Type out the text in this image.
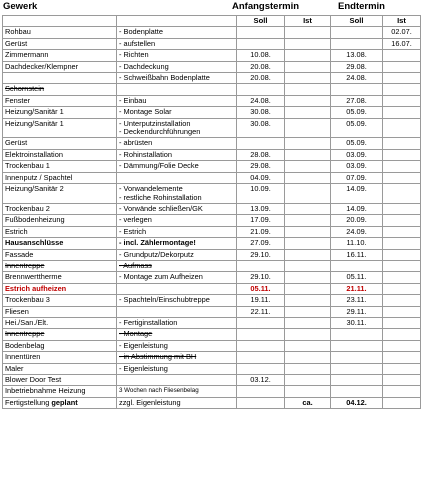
Gewerk	Anfangstermin	Endtermin
		Soll	Ist	Soll	Ist
Rohbau	- Bodenplatte				02.07.
Gerüst	- aufstellen				16.07.
Zimmermann	- Richten	10.08.		13.08.	
Dachdecker/Klempner	- Dachdeckung	20.08.		29.08.	
	- Schweißbahn Bodenplatte	20.08.		24.08.	
Schornstein					
Fenster	- Einbau	24.08.		27.08.	
Heizung/Sanitär 1	- Montage Solar	30.08.		05.09.	
Heizung/Sanitär 1	- Unterputzinstallation
- Deckendurchführungen	30.08.		05.09.	
Gerüst	- abrüsten			05.09.	
Elektroinstallation	- Rohinstallation	28.08.		03.09.	
Trockenbau 1	- Dämmung/Folie Decke	29.08.		03.09.	
Innenputz / Spachtel		04.09.		07.09.	
Heizung/Sanitär 2	- Vorwandelemente
- restliche Rohinstallation	10.09.		14.09.	
Trockenbau 2	- Vorwände schließen/GK	13.09.		14.09.	
Fußbodenheizung	- verlegen	17.09.		20.09.	
Estrich	- Estrich	21.09.		24.09.	
Hausanschlüsse	- incl. Zählermontage!	27.09.		11.10.	
Fassade	- Grundputz/Dekorputz	29.10.		16.11.	
Innentreppe	- Aufmass				
Brennwerttherme	- Montage zum Aufheizen	29.10.		05.11.	
Estrich aufheizen		05.11.		21.11.	
Trockenbau 3	- Spachteln/Einschubtreppe	19.11.		23.11.	
Fliesen		22.11.		29.11.	
Hei./San./Elt.	- Fertiginstallation			30.11.	
Innentreppe	- Montage				
Bodenbelag	- Eigenleistung				
Innentüren	- in Abstimmung mit BH				
Maler	- Eigenleistung				
Blower Door Test		03.12.			
Inbetriebnahme Heizung	3 Wochen nach Fliesenbelag				
Fertigstellung geplant	zzgl. Eigenleistung		ca.	04.12.	
